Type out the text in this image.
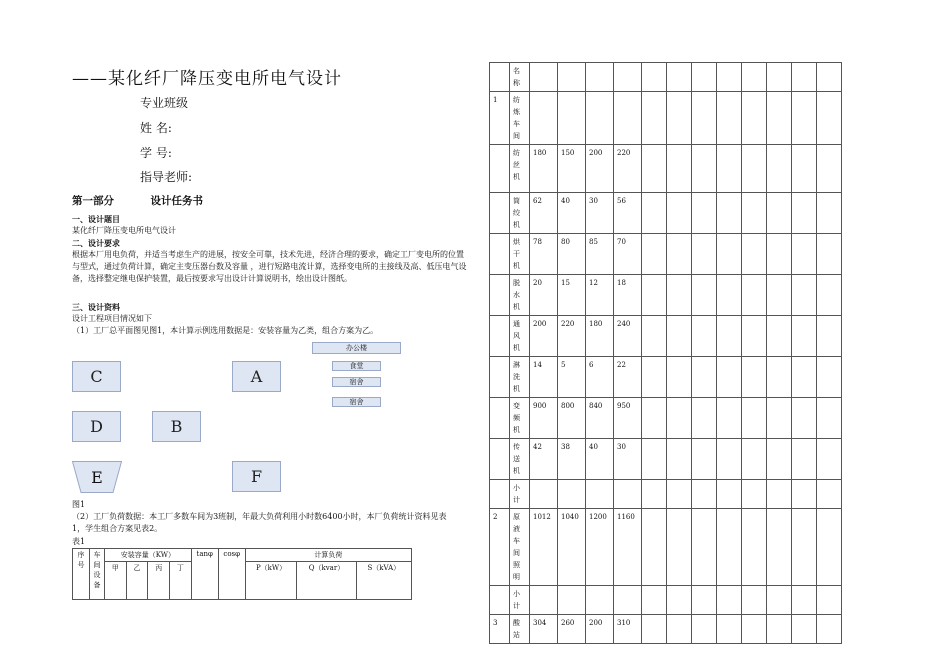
——某化纤厂降压变电所电气设计
专业班级
姓 名:
学 号:
指导老师:
第一部分          设计任务书
一、设计题目
某化纤厂降压变电所电气设计
二、设计要求
根据本厂用电负荷，并适当考虑生产的进展，按安全可靠，技术先进，经济合理的要求，确定工厂变电所的位置与型式，通过负荷计算，确定主变压器台数及容量 ，进行短路电流计算，选择变电所的主接线及高、低压电气设备，选择整定继电保护装置，最后按要求写出设计计算说明书，绘出设计图纸。
三、设计资料
设计工程项目情况如下
（1）工厂总平面图见图1，本计算示例选用数据是：安装容量为乙类，组合方案为乙。
办公楼
食堂
宿舍
宿舍
C	A
D	B
E	F
图1
（2）工厂负荷数据：本工厂多数车间为3班制，年最大负荷利用小时数6400小时，本厂负荷统计资料见表1，学生组合方案见表2。
表1
序号	车间设备	安装容量（KW）				tanφ	cosφ	计算负荷		
		甲	乙	丙	丁			P（kW）	Q（kvar）	S（kVA）
	名称												
1	纺炼车间												
	纺丝机	180	150	200	220								
	筒绞机	62	40	30	56								
	烘干机	78	80	85	70								
	脱水机	20	15	12	18								
	通风机	200	220	180	240								
	淋洗机	14	5	6	22								
	变频机	900	800	840	950								
	传送机	42	38	40	30								
	小计												
2	原液车间照明	1012	1040	1200	1160								
	小计												
3	酸站	304	260	200	310								
